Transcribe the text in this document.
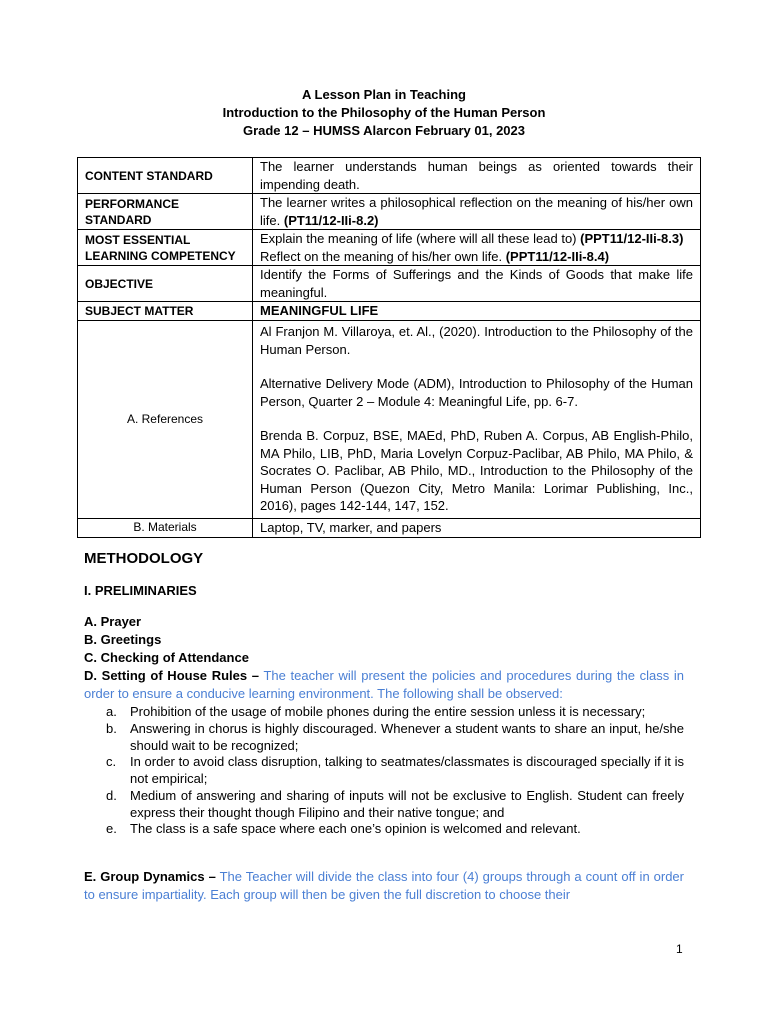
A Lesson Plan in Teaching
Introduction to the Philosophy of the Human Person
Grade 12 – HUMSS Alarcon February 01, 2023
CONTENT STANDARD	The learner understands human beings as oriented towards their impending death.
PERFORMANCE STANDARD	The learner writes a philosophical reflection on the meaning of his/her own life. (PT11/12-IIi-8.2)
MOST ESSENTIAL LEARNING COMPETENCY	Explain the meaning of life (where will all these lead to) (PPT11/12-IIi-8.3)
Reflect on the meaning of his/her own life. (PPT11/12-IIi-8.4)

OBJECTIVE	Identify the Forms of Sufferings and the Kinds of Goods that make life meaningful.
SUBJECT MATTER	MEANINGFUL LIFE
A. References	Al Franjon M. Villaroya, et. Al., (2020). Introduction to the Philosophy of the Human Person.

Alternative Delivery Mode (ADM), Introduction to Philosophy of the Human Person, Quarter 2 – Module 4: Meaningful Life, pp. 6-7.

Brenda B. Corpuz, BSE, MAEd, PhD, Ruben A. Corpus, AB English-Philo, MA Philo, LIB, PhD, Maria Lovelyn Corpuz-Paclibar, AB Philo, MA Philo, & Socrates O. Paclibar, AB Philo, MD., Introduction to the Philosophy of the Human Person (Quezon City, Metro Manila: Lorimar Publishing, Inc., 2016), pages 142-144, 147, 152.

B. Materials	Laptop, TV, marker, and papers
METHODOLOGY
I. PRELIMINARIES
A. Prayer
B. Greetings
C. Checking of Attendance
D. Setting of House Rules – The teacher will present the policies and procedures during the class in order to ensure a conducive learning environment. The following shall be observed:
a. Prohibition of the usage of mobile phones during the entire session unless it is necessary;
b. Answering in chorus is highly discouraged. Whenever a student wants to share an input, he/she should wait to be recognized;
c. In order to avoid class disruption, talking to seatmates/classmates is discouraged specially if it is not empirical;
d. Medium of answering and sharing of inputs will not be exclusive to English. Student can freely express their thought though Filipino and their native tongue; and
e. The class is a safe space where each one’s opinion is welcomed and relevant.
E. Group Dynamics – The Teacher will divide the class into four (4) groups through a count off in order to ensure impartiality. Each group will then be given the full discretion to choose their
1
